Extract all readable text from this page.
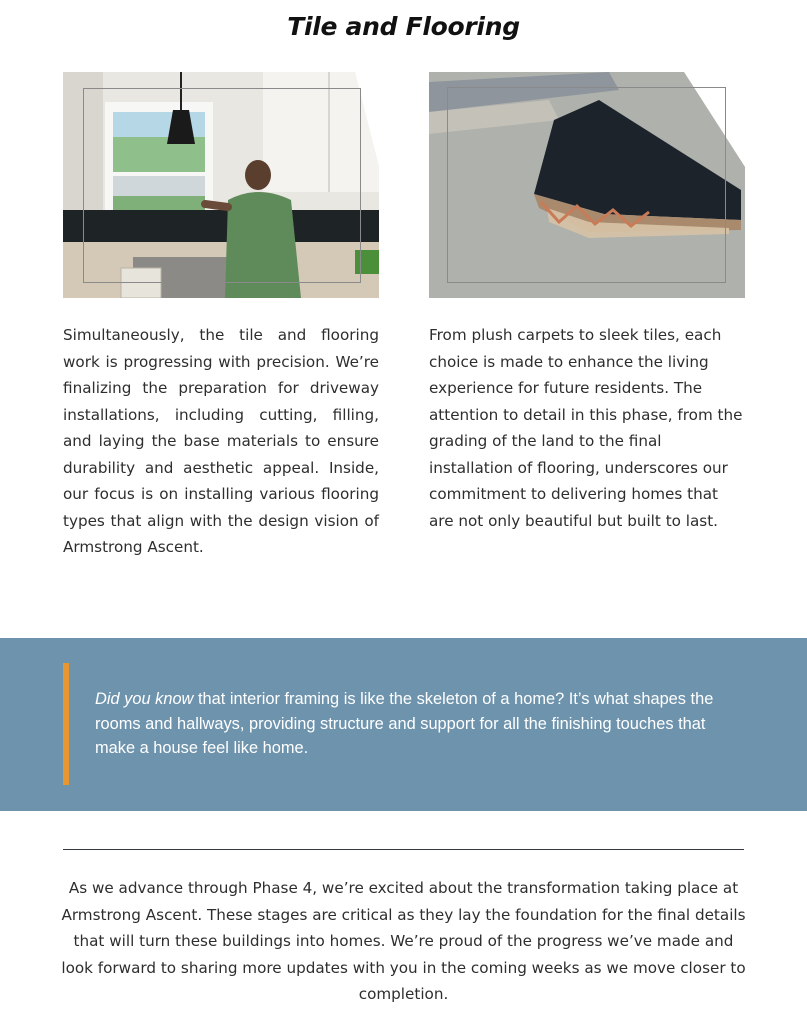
Tile and Flooring

Simultaneously, the tile and flooring work is progressing with precision. We’re finalizing the preparation for driveway installations, including cutting, filling, and laying the base materials to ensure durability and aesthetic appeal. Inside, our focus is on installing various flooring types that align with the design vision of Armstrong Ascent.

From plush carpets to sleek tiles, each choice is made to enhance the living experience for future residents. The attention to detail in this phase, from the grading of the land to the final installation of flooring, underscores our commitment to delivering homes that are not only beautiful but built to last.

Did you know that interior framing is like the skeleton of a home? It’s what shapes the rooms and hallways, providing structure and support for all the finishing touches that make a house feel like home.

As we advance through Phase 4, we’re excited about the transformation taking place at Armstrong Ascent. These stages are critical as they lay the foundation for the final details that will turn these buildings into homes. We’re proud of the progress we’ve made and look forward to sharing more updates with you in the coming weeks as we move closer to completion.
